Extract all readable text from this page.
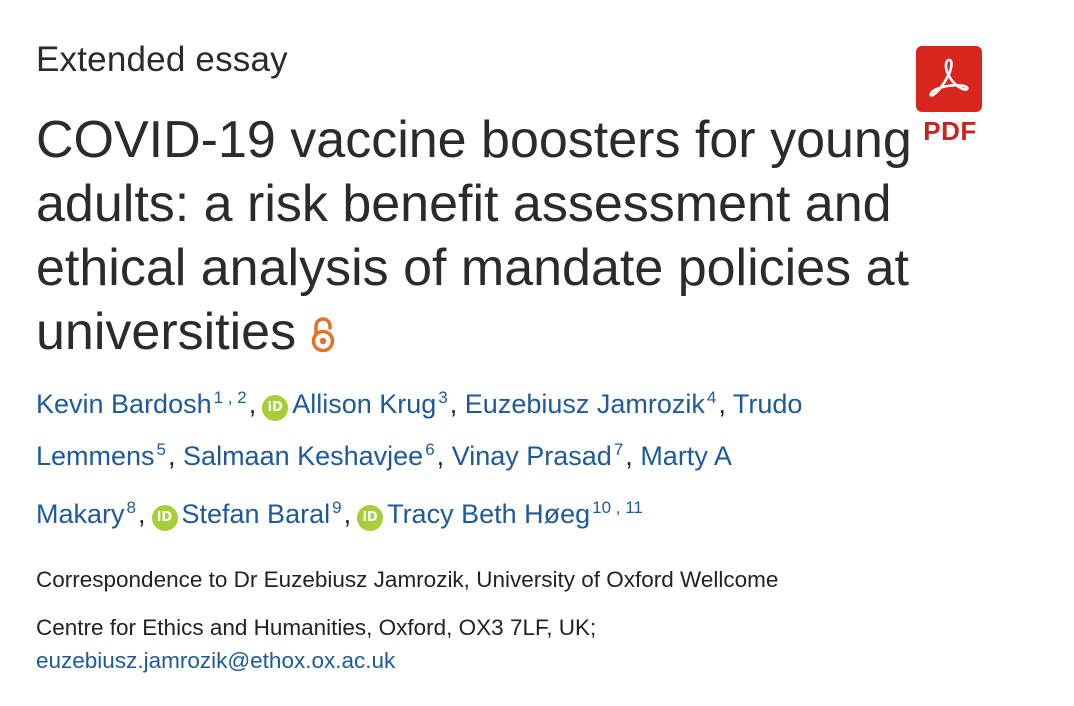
Extended essay
COVID-19 vaccine boosters for young adults: a risk benefit assessment and ethical analysis of mandate policies at universities
PDF
Kevin Bardosh $^{1 , 2}$, iD Allison Krug $^3$, Euzebiusz Jamrozik $^4$, Trudo
Lemmens $^5$, Salmaan Keshavjee $^6$, Vinay Prasad $^7$, Marty A
Makary $^8$, iD Stefan Baral $^9$, iD Tracy Beth Høeg $^{10 , 11}$
Correspondence to Dr Euzebiusz Jamrozik, University of Oxford Wellcome
Centre for Ethics and Humanities, Oxford, OX3 7LF, UK;
euzebiusz.jamrozik@ethox.ox.ac.uk
